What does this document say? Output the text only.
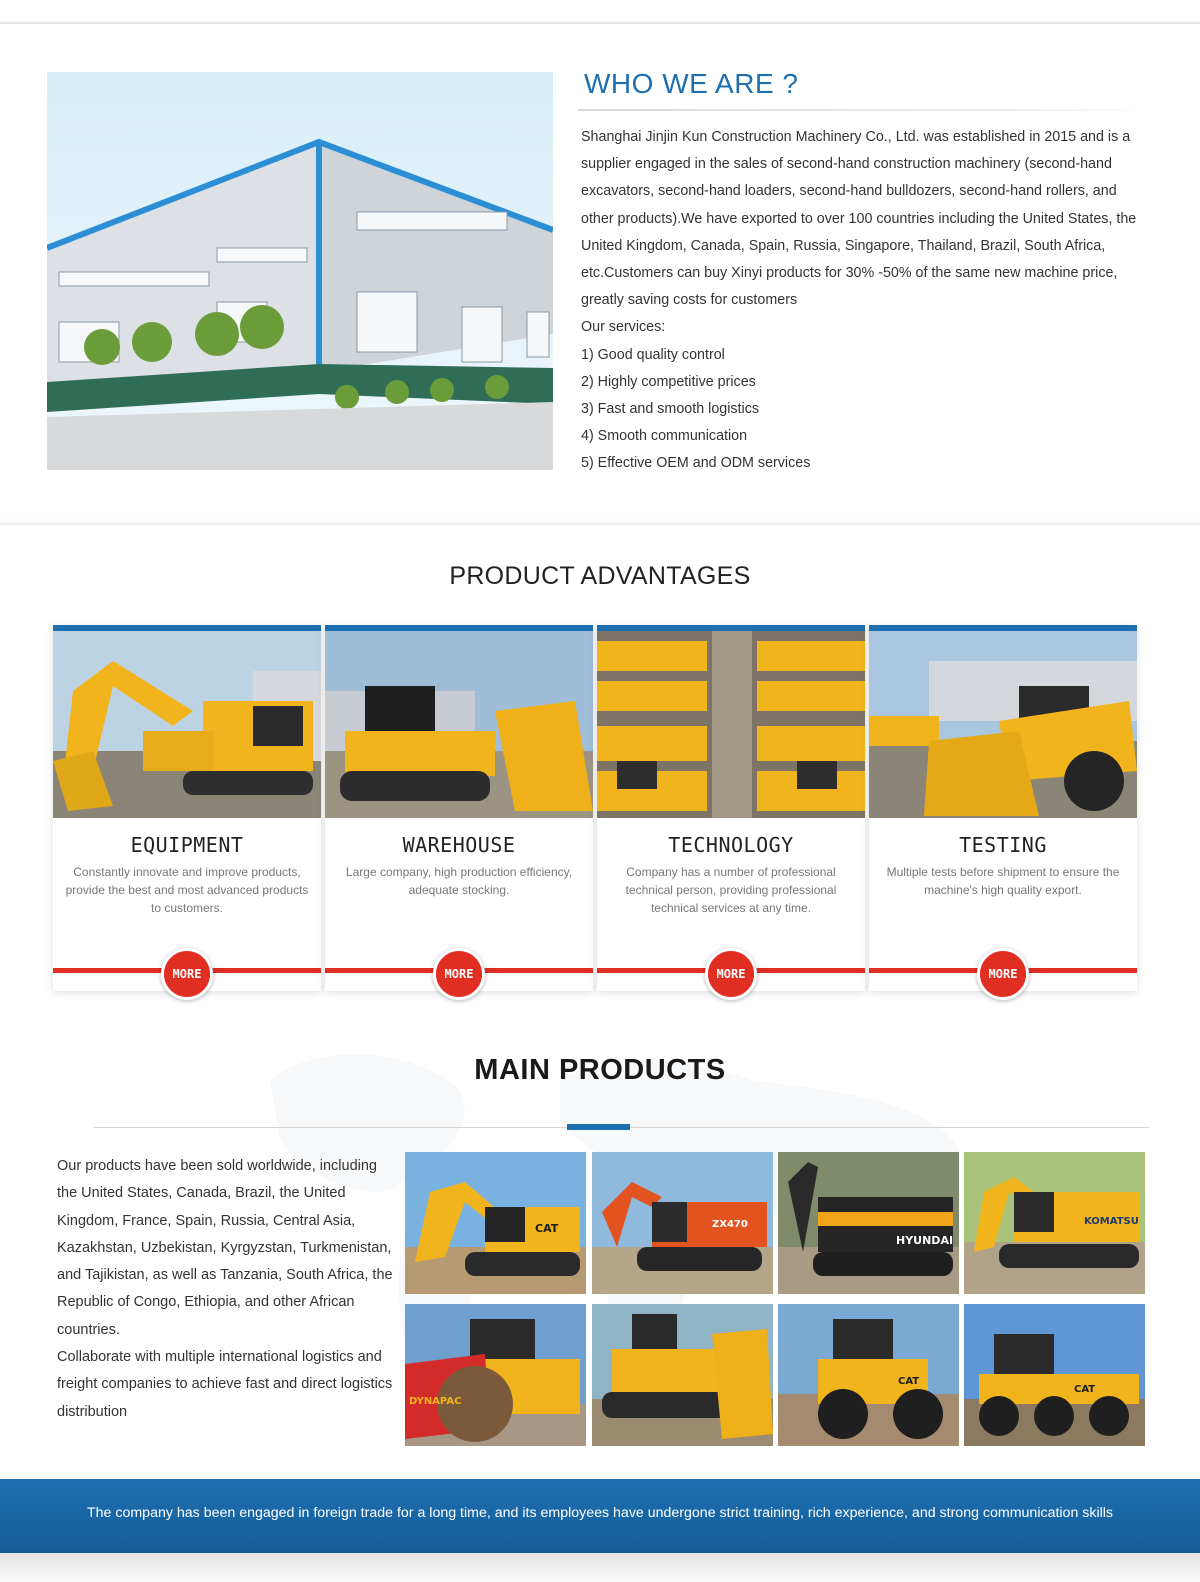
WHO WE ARE ?

Shanghai Jinjin Kun Construction Machinery Co., Ltd. was established in 2015 and is a supplier engaged in the sales of second-hand construction machinery (second-hand excavators, second-hand loaders, second-hand bulldozers, second-hand rollers, and other products).We have exported to over 100 countries including the United States, the United Kingdom, Canada, Spain, Russia, Singapore, Thailand, Brazil, South Africa, etc.Customers can buy Xinyi products for 30% -50% of the same new machine price, greatly saving costs for customers

Our services:

1) Good quality control

2) Highly competitive prices

3) Fast and smooth logistics

4) Smooth communication

5) Effective OEM and ODM services

PRODUCT ADVANTAGES
EQUIPMENT
Constantly innovate and improve products, provide the best and most advanced products to customers.
MORE
WAREHOUSE
Large company, high production efficiency, adequate stocking.
MORE
TECHNOLOGY
Company has a number of professional technical person, providing professional technical services at any time.
MORE
TESTING
Multiple tests before shipment to ensure the machine's high quality export.
MORE
MAIN PRODUCTS

Our products have been sold worldwide, including the United States, Canada, Brazil, the United Kingdom, France, Spain, Russia, Central Asia, Kazakhstan, Uzbekistan, Kyrgyzstan, Turkmenistan, and Tajikistan, as well as Tanzania, South Africa, the Republic of Congo, Ethiopia, and other African countries.

Collaborate with multiple international logistics and freight companies to achieve fast and direct logistics distribution

CAT	ZX470
HYUNDAI
KOMATSU
DYNAPAC
CAT
CAT
The company has been engaged in foreign trade for a long time, and its employees have undergone strict training, rich experience, and strong communication skills
